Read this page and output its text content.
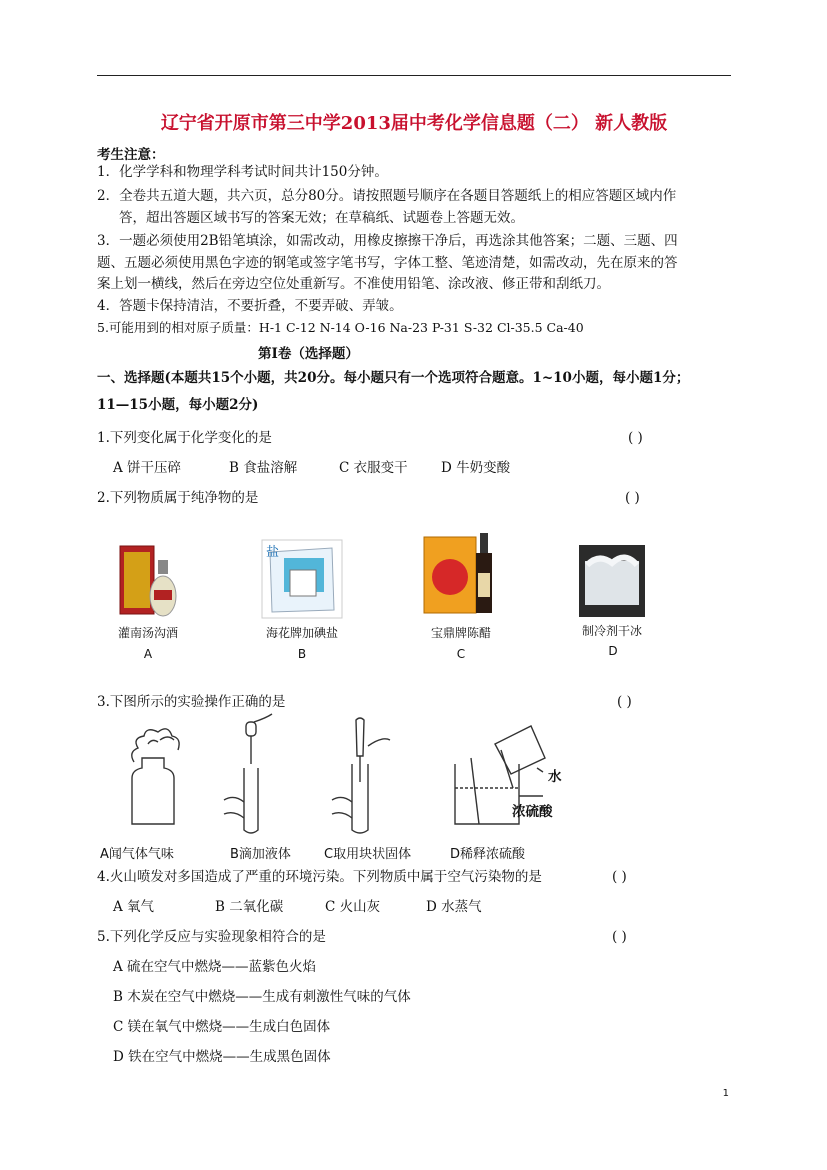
辽宁省开原市第三中学2013届中考化学信息题（二） 新人教版
考生注意：
1．化学学科和物理学科考试时间共计150分钟。
2．全卷共五道大题，共六页，总分80分。请按照题号顺序在各题目答题纸上的相应答题区域内作
答，超出答题区域书写的答案无效；在草稿纸、试题卷上答题无效。
3．一题必须使用2B铅笔填涂，如需改动，用橡皮擦擦干净后，再选涂其他答案；二题、三题、四
题、五题必须使用黑色字迹的钢笔或签字笔书写，字体工整、笔迹清楚，如需改动，先在原来的答
案上划一横线，然后在旁边空位处重新写。不准使用铅笔、涂改液、修正带和刮纸刀。
4．答题卡保持清洁，不要折叠，不要弄破、弄皱。
5.可能用到的相对原子质量：H-1 C-12 N-14 O-16 Na-23 P-31 S-32 Cl-35.5 Ca-40
第Ⅰ卷（选择题）
一、选择题(本题共15个小题，共20分。每小题只有一个选项符合题意。1~10小题，每小题1分；
11—15小题，每小题2分)
1.下列变化属于化学变化的是	( )
A 饼干压碎	B 食盐溶解	C 衣服变干 D 牛奶变酸
2.下列物质属于纯净物的是	( )
盐
灌南汤沟酒	海花牌加碘盐	宝鼎牌陈醋	制冷剂干冰
A	B	C	D
3.下图所示的实验操作正确的是	( )
水
浓硫酸
A闻气体气味	B滴加液体	C取用块状固体	D稀释浓硫酸
4.火山喷发对多国造成了严重的环境污染。下列物质中属于空气污染物的是	( )
A 氧气	B 二氧化碳	C 火山灰	D 水蒸气
5.下列化学反应与实验现象相符合的是	( )
A 硫在空气中燃烧——蓝紫色火焰
B 木炭在空气中燃烧——生成有刺激性气味的气体
C 镁在氧气中燃烧——生成白色固体
D 铁在空气中燃烧——生成黑色固体
1
